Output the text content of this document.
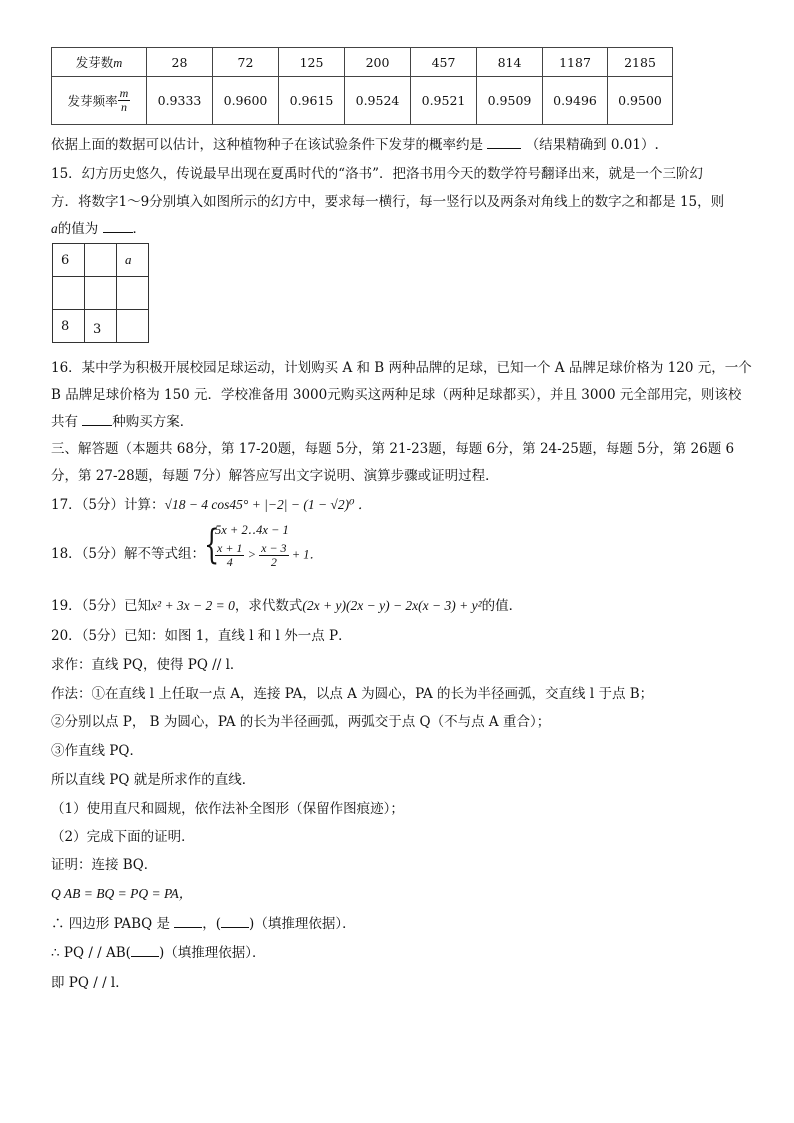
发芽数m	28	72	125	200	457	814	1187	2185
发芽频率 $\frac{m}{n}$	0.9333	0.9600	0.9615	0.9524	0.9521	0.9509	0.9496	0.9500
依据上面的数据可以估计，这种植物种子在该试验条件下发芽的概率约是	（结果精确到 0.01）.
15．幻方历史悠久，传说最早出现在夏禹时代的“洛书”．把洛书用今天的数学符号翻译出来，就是一个三阶幻
方．将数字1～9分别填入如图所示的幻方中，要求每一横行，每一竖行以及两条对角线上的数字之和都是 15，则
a的值为	．
6		a

8	3	

16．某中学为积极开展校园足球运动，计划购买 A 和 B 两种品牌的足球，已知一个 A 品牌足球价格为 120 元，一个
B 品牌足球价格为 150 元．学校准备用 3000元购买这两种足球（两种足球都买），并且 3000 元全部用完，则该校
共有	种购买方案．
三、解答题（本题共 68分，第 17-20题，每题 5分，第 21-23题，每题 6分，第 24-25题，每题 5分，第 26题 6
分，第 27-28题，每题 7分）解答应写出文字说明、演算步骤或证明过程．
17．（5分）计算：√18 − 4 cos45° + |−2| − (1 − √2)⁰ ．
18．（5分）解不等式组：
{
5x + 2‥4x − 1
$\frac{x + 1}{4} > \frac{x - 3}{2} + 1$．
19．（5分）已知x² + 3x − 2 = 0，求代数式(2x + y)(2x − y) − 2x(x − 3) + y²的值．
20．（5分）已知：如图 1，直线 l 和 l 外一点 P．
求作：直线 PQ，使得 PQ // l．
作法：①在直线 l 上任取一点 A，连接 PA，以点 A 为圆心，PA 的长为半径画弧，交直线 l 于点 B；
②分别以点 P， B 为圆心，PA 的长为半径画弧，两弧交于点 Q（不与点 A 重合）；
③作直线 PQ．
所以直线 PQ 就是所求作的直线．
（1）使用直尺和圆规，依作法补全图形（保留作图痕迹）；
（2）完成下面的证明．
证明：连接 BQ．
Q AB = BQ = PQ = PA，
∴ 四边形 PABQ 是 ，( )（填推理依据）．
∴ PQ / / AB( )（填推理依据）．
即 PQ / / l．
